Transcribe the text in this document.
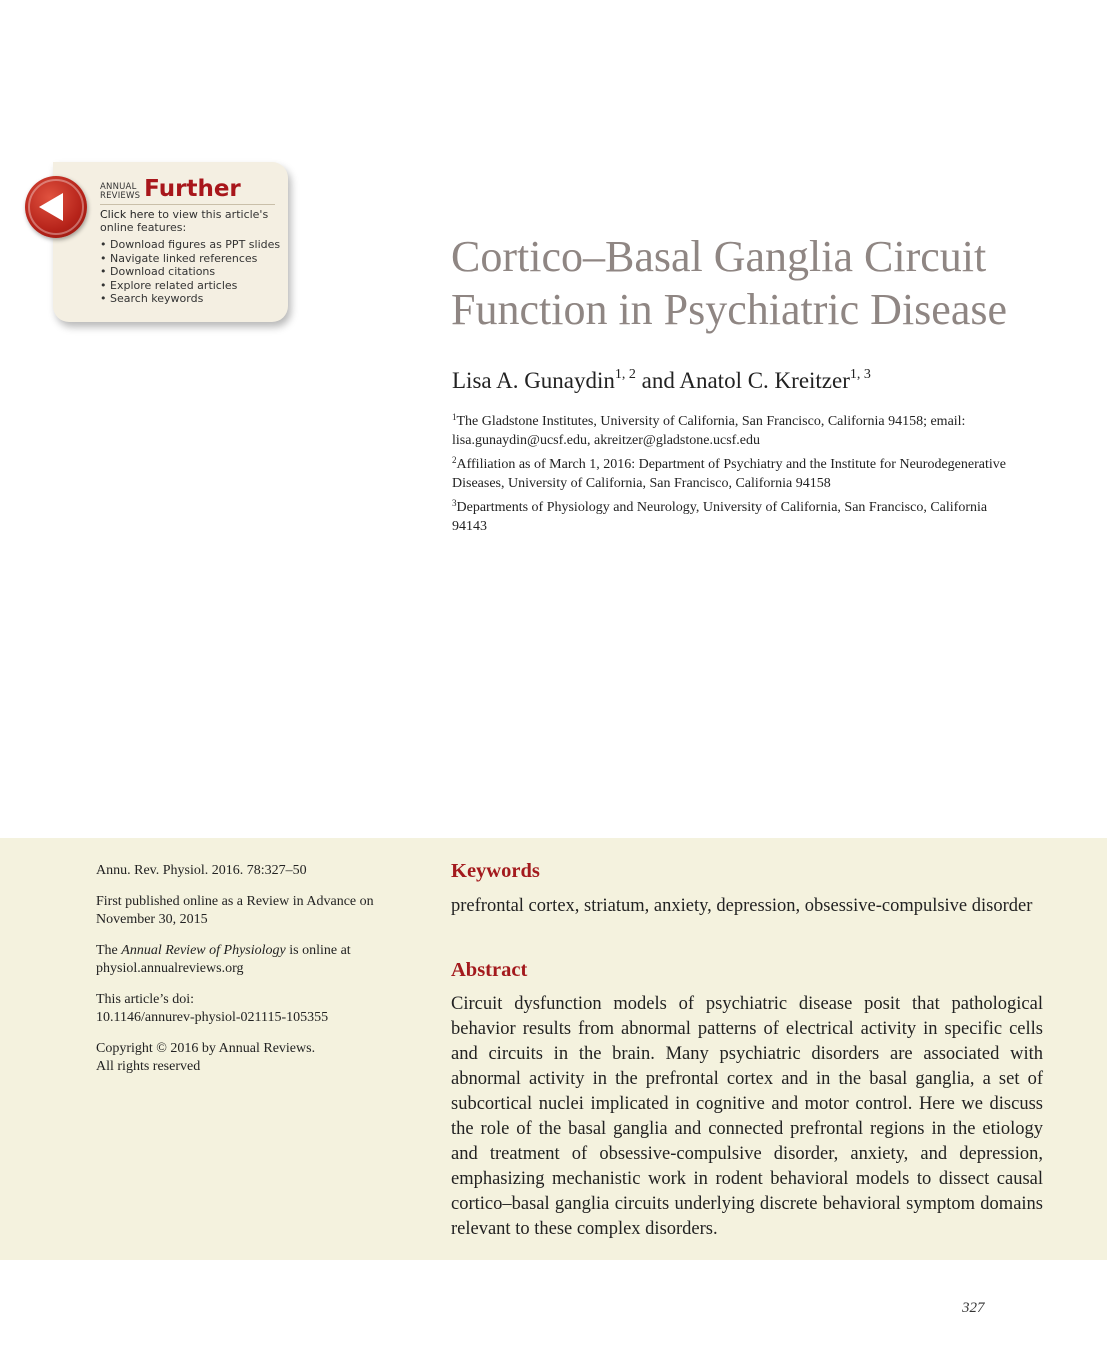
ANNUAL
REVIEWS Further
Click here to view this article's online features:
• Download figures as PPT slides
• Navigate linked references
• Download citations
• Explore related articles
• Search keywords
Cortico–Basal Ganglia Circuit Function in Psychiatric Disease

Lisa A. Gunaydin$^{1, 2}$ and Anatol C. Kreitzer$^{1, 3}$

$^1$The Gladstone Institutes, University of California, San Francisco, California 94158; email: lisa.gunaydin@ucsf.edu, akreitzer@gladstone.ucsf.edu

$^2$Affiliation as of March 1, 2016: Department of Psychiatry and the Institute for Neurodegenerative Diseases, University of California, San Francisco, California 94158

$^3$Departments of Physiology and Neurology, University of California, San Francisco, California 94143

Annu. Rev. Physiol. 2016. 78:327–50

First published online as a Review in Advance on November 30, 2015

The Annual Review of Physiology is online at physiol.annualreviews.org

This article’s doi:
10.1146/annurev-physiol-021115-105355

Copyright © 2016 by Annual Reviews.
All rights reserved

Keywords

prefrontal cortex, striatum, anxiety, depression, obsessive-compulsive disorder

Abstract

Circuit dysfunction models of psychiatric disease posit that pathological behavior results from abnormal patterns of electrical activity in specific cells and circuits in the brain. Many psychiatric disorders are associated with abnormal activity in the prefrontal cortex and in the basal ganglia, a set of subcortical nuclei implicated in cognitive and motor control. Here we discuss the role of the basal ganglia and connected prefrontal regions in the etiology and treatment of obsessive-compulsive disorder, anxiety, and depression, emphasizing mechanistic work in rodent behavioral models to dissect causal cortico–basal ganglia circuits underlying discrete behavioral symptom domains relevant to these complex disorders.

327
